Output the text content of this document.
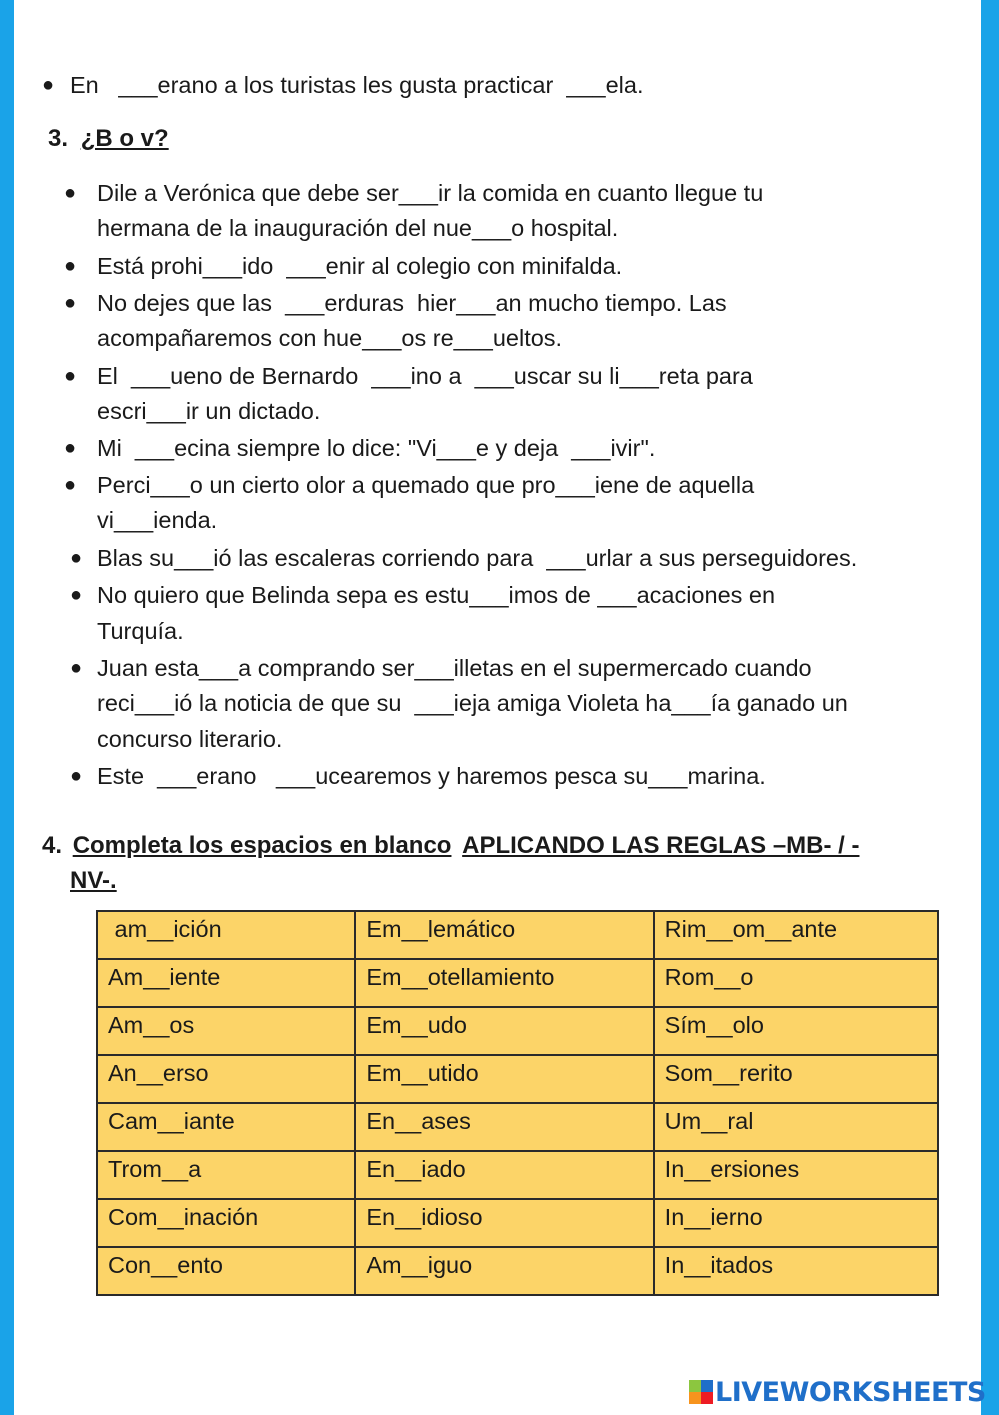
● En   ___erano a los turistas les gusta practicar  ___ela.
3. ¿B o v?
● Dile a Verónica que debe ser___ir la comida en cuanto llegue tu
hermana de la inauguración del nue___o hospital.
● Está prohi___ido  ___enir al colegio con minifalda.
● No dejes que las  ___erduras  hier___an mucho tiempo. Las
acompañaremos con hue___os re___ueltos.
● El  ___ueno de Bernardo  ___ino a  ___uscar su li___reta para
escri___ir un dictado.
● Mi  ___ecina siempre lo dice: "Vi___e y deja  ___ivir".
● Perci___o un cierto olor a quemado que pro___iene de aquella
vi___ienda.
● Blas su___ió las escaleras corriendo para  ___urlar a sus perseguidores.
● No quiero que Belinda sepa es estu___imos de ___acaciones en
Turquía.
● Juan esta___a comprando ser___illetas en el supermercado cuando
reci___ió la noticia de que su  ___ieja amiga Violeta ha___ía ganado un
concurso literario.
● Este  ___erano   ___ucearemos y haremos pesca su___marina.
4. Completa los espacios en blanco APLICANDO LAS REGLAS –MB- / -
NV-.
am__ición	Em__lemático	Rim__om__ante
Am__iente	Em__otellamiento	Rom__o
Am__os	Em__udo	Sím__olo
An__erso	Em__utido	Som__rerito
Cam__iante	En__ases	Um__ral
Trom__a	En__iado	In__ersiones
Com__inación	En__idioso	In__ierno
Con__ento	Am__iguo	In__itados
LIVEWORKSHEETS
